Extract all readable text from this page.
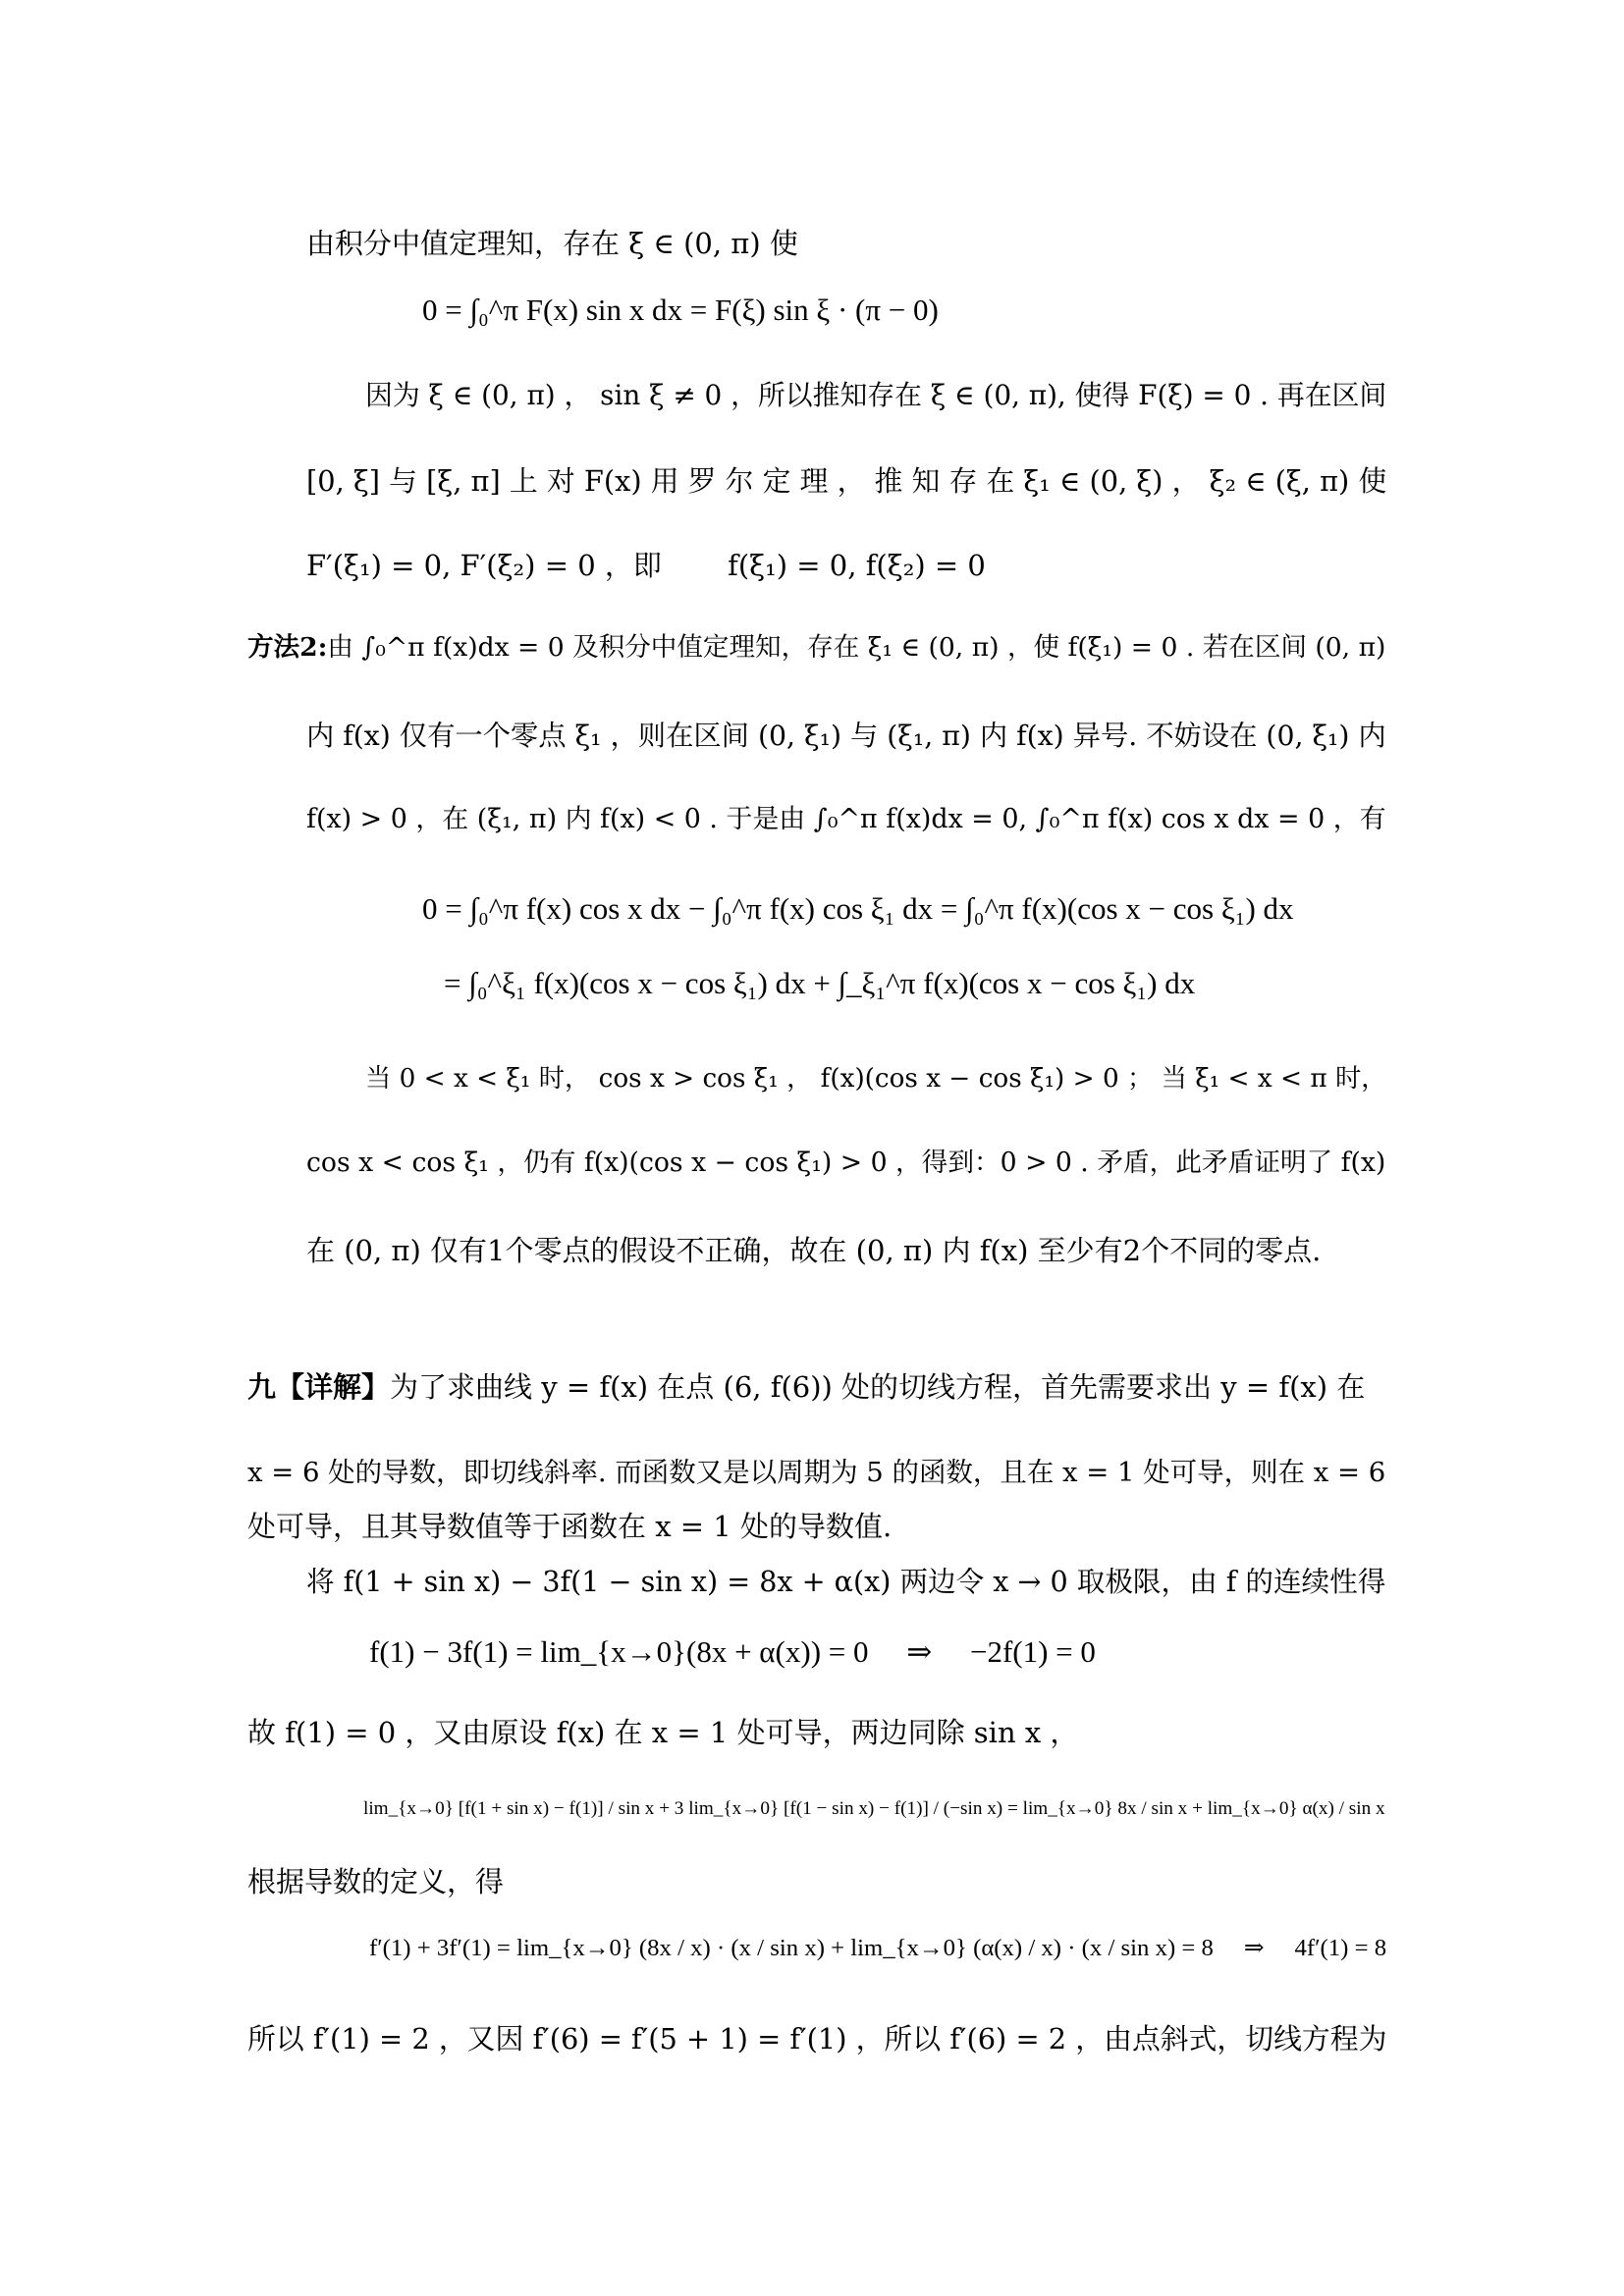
由积分中值定理知，存在 ξ ∈ (0, π) 使
0 = ∫₀^π F(x) sin x dx = F(ξ) sin ξ · (π − 0)
因为 ξ ∈ (0, π) ， sin ξ ≠ 0 ，所以推知存在 ξ ∈ (0, π), 使得 F(ξ) = 0 . 再在区间
[0, ξ] 与 [ξ, π] 上 对 F(x) 用 罗 尔 定 理 ， 推 知 存 在 ξ₁ ∈ (0, ξ) ， ξ₂ ∈ (ξ, π) 使
F′(ξ₁) = 0, F′(ξ₂) = 0 ，即 　　f(ξ₁) = 0, f(ξ₂) = 0
方法2:由 ∫₀^π f(x)dx = 0 及积分中值定理知，存在 ξ₁ ∈ (0, π) ，使 f(ξ₁) = 0 . 若在区间 (0, π)
内 f(x) 仅有一个零点 ξ₁ ，则在区间 (0, ξ₁) 与 (ξ₁, π) 内 f(x) 异号. 不妨设在 (0, ξ₁) 内
f(x) > 0 ，在 (ξ₁, π) 内 f(x) < 0 . 于是由 ∫₀^π f(x)dx = 0, ∫₀^π f(x) cos x dx = 0 ，有
0 = ∫₀^π f(x) cos x dx − ∫₀^π f(x) cos ξ₁ dx = ∫₀^π f(x)(cos x − cos ξ₁) dx
= ∫₀^ξ₁ f(x)(cos x − cos ξ₁) dx + ∫_ξ₁^π f(x)(cos x − cos ξ₁) dx
当 0 < x < ξ₁ 时， cos x > cos ξ₁ ， f(x)(cos x − cos ξ₁) > 0 ； 当 ξ₁ < x < π 时，
cos x < cos ξ₁ ，仍有 f(x)(cos x − cos ξ₁) > 0 ，得到：0 > 0 . 矛盾，此矛盾证明了 f(x)
在 (0, π) 仅有1个零点的假设不正确，故在 (0, π) 内 f(x) 至少有2个不同的零点.
九【详解】为了求曲线 y = f(x) 在点 (6, f(6)) 处的切线方程，首先需要求出 y = f(x) 在
x = 6 处的导数，即切线斜率. 而函数又是以周期为 5 的函数，且在 x = 1 处可导，则在 x = 6
处可导，且其导数值等于函数在 x = 1 处的导数值.
将 f(1 + sin x) − 3f(1 − sin x) = 8x + α(x) 两边令 x → 0 取极限，由 f 的连续性得
f(1) − 3f(1) = lim_{x→0}(8x + α(x)) = 0 　⇒　 −2f(1) = 0
故 f(1) = 0 ，又由原设 f(x) 在 x = 1 处可导，两边同除 sin x ，
lim_{x→0} [f(1 + sin x) − f(1)] / sin x + 3 lim_{x→0} [f(1 − sin x) − f(1)] / (−sin x) = lim_{x→0} 8x / sin x + lim_{x→0} α(x) / sin x
根据导数的定义，得
f′(1) + 3f′(1) = lim_{x→0} (8x / x) · (x / sin x) + lim_{x→0} (α(x) / x) · (x / sin x) = 8 　⇒　 4f′(1) = 8
所以 f′(1) = 2 ，又因 f′(6) = f′(5 + 1) = f′(1) ，所以 f′(6) = 2 ，由点斜式，切线方程为
